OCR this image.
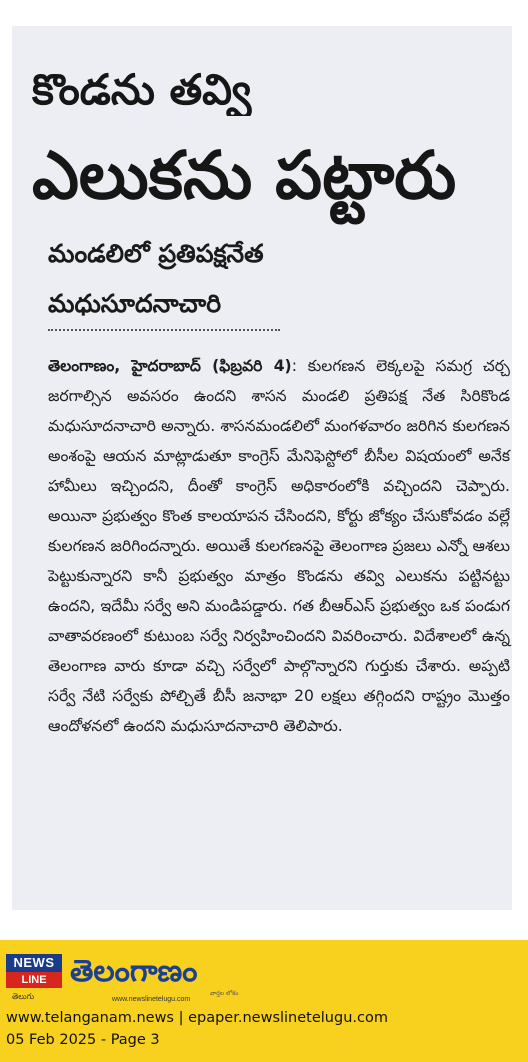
కొండను తవ్వి
ఎలుకను పట్టారు
మండలిలో ప్రతిపక్షనేత
మధుసూదనాచారి
తెలంగాణం, హైదరాబాద్ (ఫిబ్రవరి 4): కులగణన లెక్కలపై సమగ్ర చర్చ జరగాల్సిన అవసరం ఉందని శాసన మండలి ప్రతిపక్ష నేత సిరికొండ మధుసూదనాచారి అన్నారు. శాసనమండలిలో మంగళవారం జరిగిన కులగణన అంశంపై ఆయన మాట్లాడుతూ కాంగ్రెస్ మేనిఫెస్టోలో బీసీల విషయంలో అనేక హామీలు ఇచ్చిందని, దీంతో కాంగ్రెస్ అధికారంలోకి వచ్చిందని చెప్పారు. అయినా ప్రభుత్వం కొంత కాలయాపన చేసిందని, కోర్టు జోక్యం చేసుకోవడం వల్లే కులగణన జరిగిందన్నారు. అయితే కులగణనపై తెలంగాణ ప్రజలు ఎన్నో ఆశలు పెట్టుకున్నారని కానీ ప్రభుత్వం మాత్రం కొండను తవ్వి ఎలుకను పట్టినట్టు ఉందని, ఇదేమీ సర్వే అని మండిపడ్డారు. గత బీఆర్ఎస్ ప్రభుత్వం ఒక పండుగ వాతావరణంలో కుటుంబ సర్వే నిర్వహించిందని వివరించారు. విదేశాలలో ఉన్న తెలంగాణ వారు కూడా వచ్చి సర్వేలో పాల్గొన్నారని గుర్తుకు చేశారు. అప్పటి సర్వే నేటి సర్వేకు పోల్చితే బీసీ జనాభా 20 లక్షలు తగ్గిందని రాష్ట్రం మొత్తం ఆందోళనలో ఉందని మధుసూదనాచారి తెలిపారు.
NEWS
LINE
తెలుగు
తెలంగాణం
www.newslinetelugu.com
వార్తల లోకం
www.telanganam.news | epaper.newslinetelugu.com
05 Feb 2025 - Page 3
